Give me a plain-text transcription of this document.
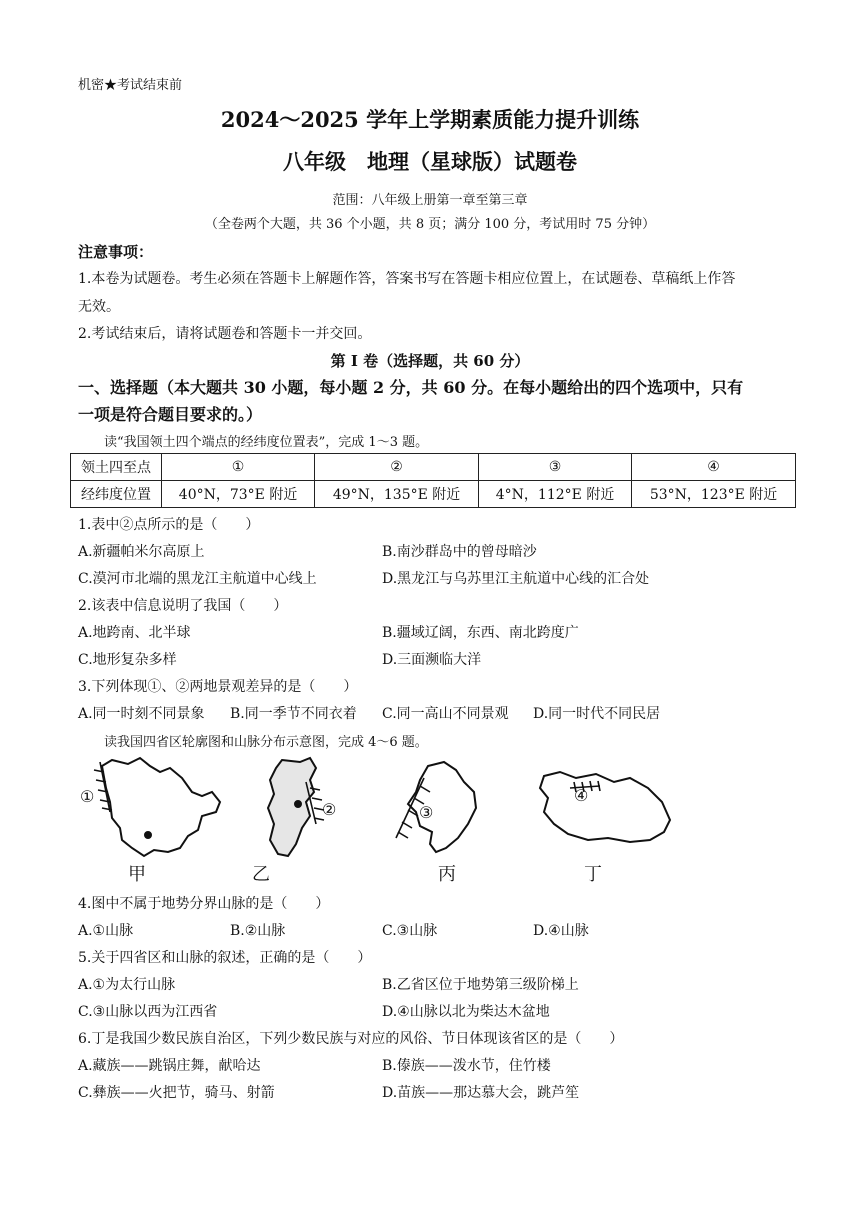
机密★考试结束前
2024～2025 学年上学期素质能力提升训练
八年级　地理（星球版）试题卷
范围：八年级上册第一章至第三章
（全卷两个大题，共 36 个小题，共 8 页；满分 100 分，考试用时 75 分钟）
注意事项：
1.本卷为试题卷。考生必须在答题卡上解题作答，答案书写在答题卡相应位置上，在试题卷、草稿纸上作答
无效。
2.考试结束后，请将试题卷和答题卡一并交回。
第 I 卷（选择题，共 60 分）
一、选择题（本大题共 30 小题，每小题 2 分，共 60 分。在每小题给出的四个选项中，只有
一项是符合题目要求的。）
读“我国领土四个端点的经纬度位置表”，完成 1～3 题。
领土四至点	①	②	③	④
经纬度位置	40°N，73°E 附近	49°N，135°E 附近	4°N，112°E 附近	53°N，123°E 附近
1.表中②点所示的是（　　）
A.新疆帕米尔高原上	B.南沙群岛中的曾母暗沙
C.漠河市北端的黑龙江主航道中心线上	D.黑龙江与乌苏里江主航道中心线的汇合处
2.该表中信息说明了我国（　　）
A.地跨南、北半球	B.疆域辽阔，东西、南北跨度广
C.地形复杂多样	D.三面濒临大洋
3.下列体现①、②两地景观差异的是（　　）
A.同一时刻不同景象 B.同一季节不同衣着 C.同一高山不同景观 D.同一时代不同民居
读我国四省区轮廓图和山脉分布示意图，完成 4～6 题。
①
②	③
④
甲	乙	丙	丁
4.图中不属于地势分界山脉的是（　　）
A.①山脉	B.②山脉	C.③山脉	D.④山脉
5.关于四省区和山脉的叙述，正确的是（　　）
A.①为太行山脉	B.乙省区位于地势第三级阶梯上
C.③山脉以西为江西省	D.④山脉以北为柴达木盆地
6.丁是我国少数民族自治区，下列少数民族与对应的风俗、节日体现该省区的是（　　）
A.藏族——跳锅庄舞，献哈达	B.傣族——泼水节，住竹楼
C.彝族——火把节，骑马、射箭	D.苗族——那达慕大会，跳芦笙
